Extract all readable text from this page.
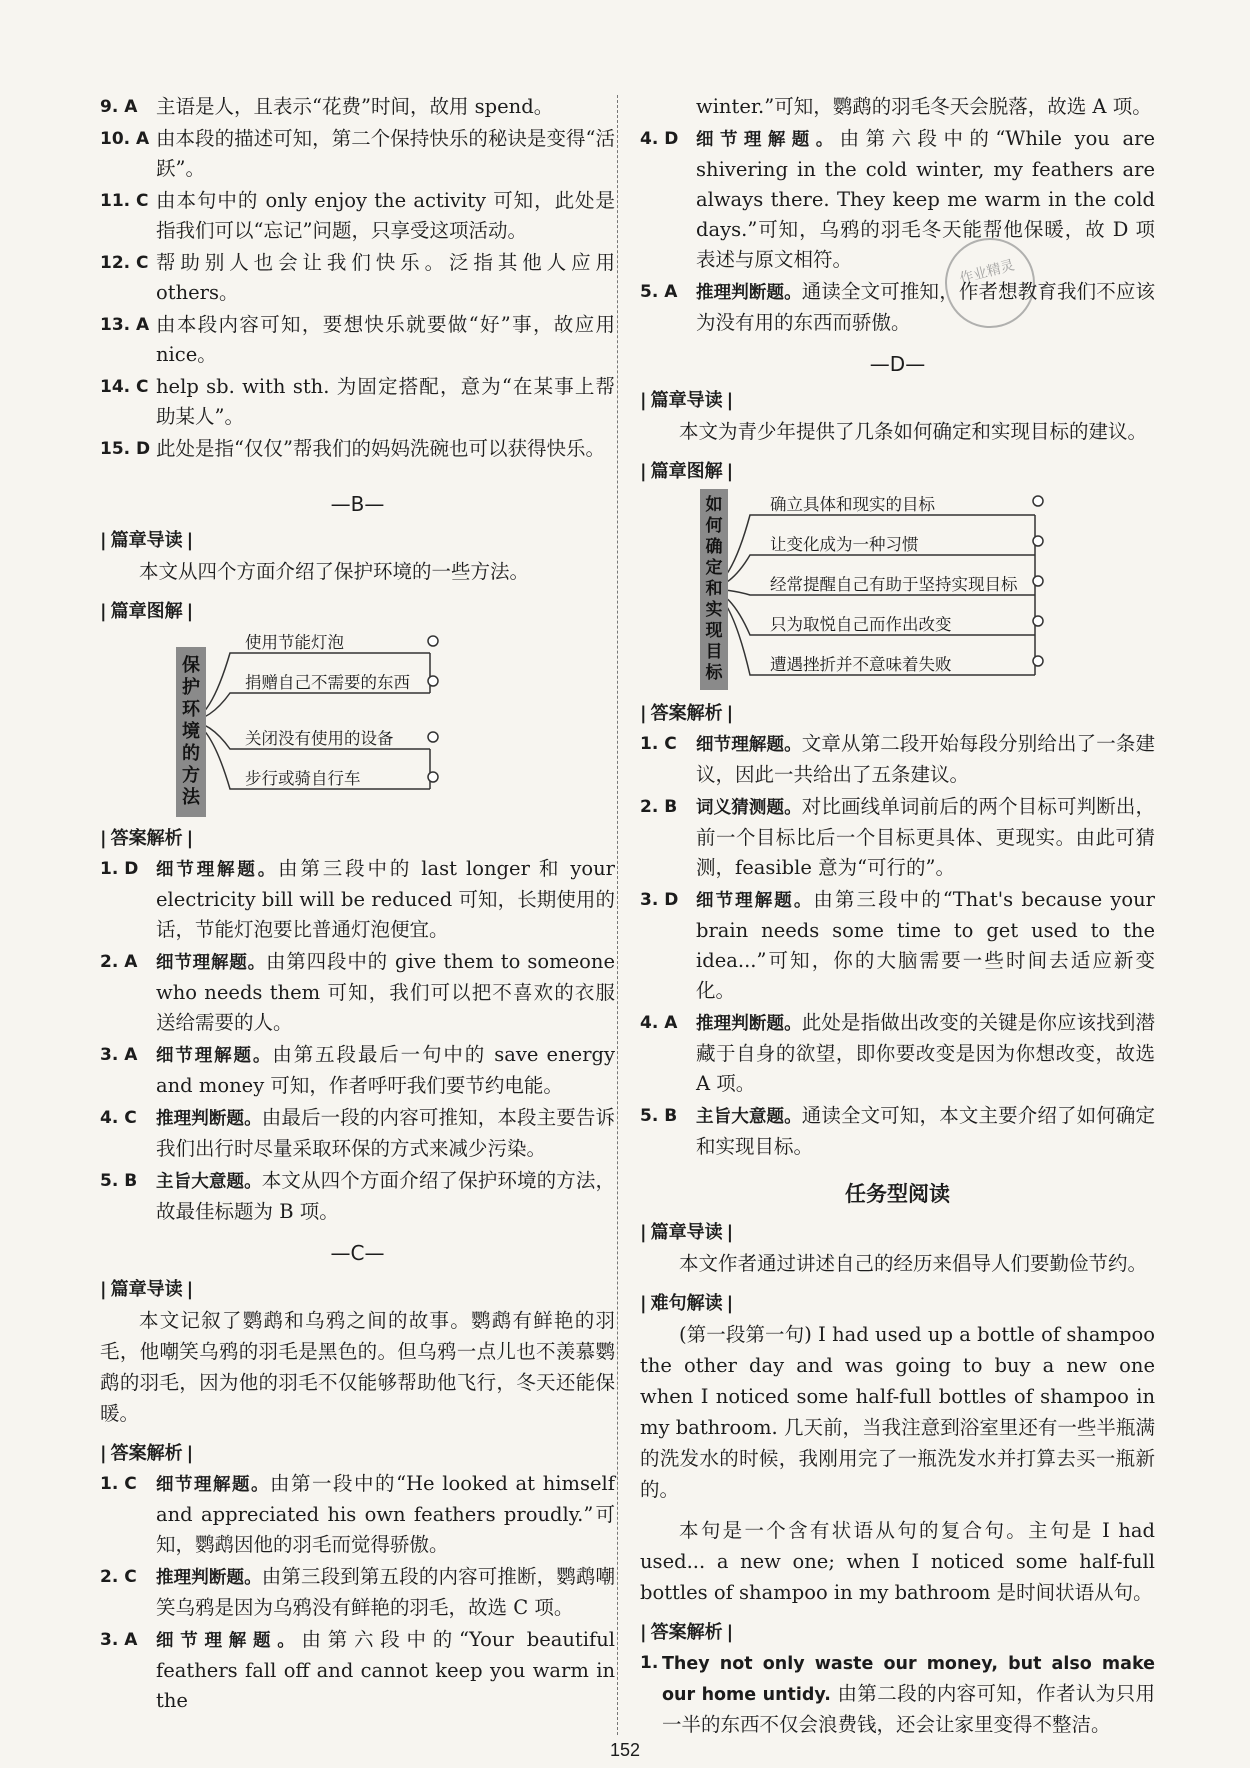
作业精灵
9. A 主语是人，且表示“花费”时间，故用 spend。
10. A 由本段的描述可知，第二个保持快乐的秘诀是变得“活跃”。
11. C 由本句中的 only enjoy the activity 可知，此处是指我们可以“忘记”问题，只享受这项活动。
12. C 帮助别人也会让我们快乐。泛指其他人应用 others。
13. A 由本段内容可知，要想快乐就要做“好”事，故应用 nice。
14. C help sb. with sth. 为固定搭配，意为“在某事上帮助某人”。
15. D 此处是指“仅仅”帮我们的妈妈洗碗也可以获得快乐。
—B—
| 篇章导读 |
本文从四个方面介绍了保护环境的一些方法。
| 篇章图解 |
保护环境的方法
使用节能灯泡
捐赠自己不需要的东西
关闭没有使用的设备
步行或骑自行车
| 答案解析 |
1. D	细节理解题。由第三段中的 last longer 和 your electricity bill will be reduced 可知，长期使用的话，节能灯泡要比普通灯泡便宜。
2. A	细节理解题。由第四段中的 give them to someone who needs them 可知，我们可以把不喜欢的衣服送给需要的人。
3. A	细节理解题。由第五段最后一句中的 save energy and money 可知，作者呼吁我们要节约电能。
4. C	推理判断题。由最后一段的内容可推知，本段主要告诉我们出行时尽量采取环保的方式来减少污染。
5. B	主旨大意题。本文从四个方面介绍了保护环境的方法，故最佳标题为 B 项。
—C—
| 篇章导读 |
本文记叙了鹦鹉和乌鸦之间的故事。鹦鹉有鲜艳的羽毛，他嘲笑乌鸦的羽毛是黑色的。但乌鸦一点儿也不羡慕鹦鹉的羽毛，因为他的羽毛不仅能够帮助他飞行，冬天还能保暖。
| 答案解析 |
1. C	细节理解题。由第一段中的“He looked at himself and appreciated his own feathers proudly.”可知，鹦鹉因他的羽毛而觉得骄傲。
2. C	推理判断题。由第三段到第五段的内容可推断，鹦鹉嘲笑乌鸦是因为乌鸦没有鲜艳的羽毛，故选 C 项。
3. A	细节理解题。由第六段中的“Your beautiful feathers fall off and cannot keep you warm in the
winter.”可知，鹦鹉的羽毛冬天会脱落，故选 A 项。
4. D	细节理解题。由第六段中的“While you are shivering in the cold winter, my feathers are always there. They keep me warm in the cold days.”可知，乌鸦的羽毛冬天能帮他保暖，故 D 项表述与原文相符。
5. A	推理判断题。通读全文可推知，作者想教育我们不应该为没有用的东西而骄傲。
—D—
| 篇章导读 |
本文为青少年提供了几条如何确定和实现目标的建议。
| 篇章图解 |
如何确定和实现目标
确立具体和现实的目标
让变化成为一种习惯
经常提醒自己有助于坚持实现目标
只为取悦自己而作出改变
遭遇挫折并不意味着失败
| 答案解析 |
1. C	细节理解题。文章从第二段开始每段分别给出了一条建议，因此一共给出了五条建议。
2. B	词义猜测题。对比画线单词前后的两个目标可判断出，前一个目标比后一个目标更具体、更现实。由此可猜测，feasible 意为“可行的”。
3. D	细节理解题。由第三段中的“That's because your brain needs some time to get used to the idea...”可知，你的大脑需要一些时间去适应新变化。
4. A	推理判断题。此处是指做出改变的关键是你应该找到潜藏于自身的欲望，即你要改变是因为你想改变，故选 A 项。
5. B	主旨大意题。通读全文可知，本文主要介绍了如何确定和实现目标。
任务型阅读
| 篇章导读 |
本文作者通过讲述自己的经历来倡导人们要勤俭节约。
| 难句解读 |
(第一段第一句) I had used up a bottle of shampoo the other day and was going to buy a new one when I noticed some half-full bottles of shampoo in my bathroom. 几天前，当我注意到浴室里还有一些半瓶满的洗发水的时候，我刚用完了一瓶洗发水并打算去买一瓶新的。
本句是一个含有状语从句的复合句。主句是 I had used... a new one; when I noticed some half-full bottles of shampoo in my bathroom 是时间状语从句。
| 答案解析 |
1. They not only waste our money, but also make our home untidy. 由第二段的内容可知，作者认为只用一半的东西不仅会浪费钱，还会让家里变得不整洁。
152
